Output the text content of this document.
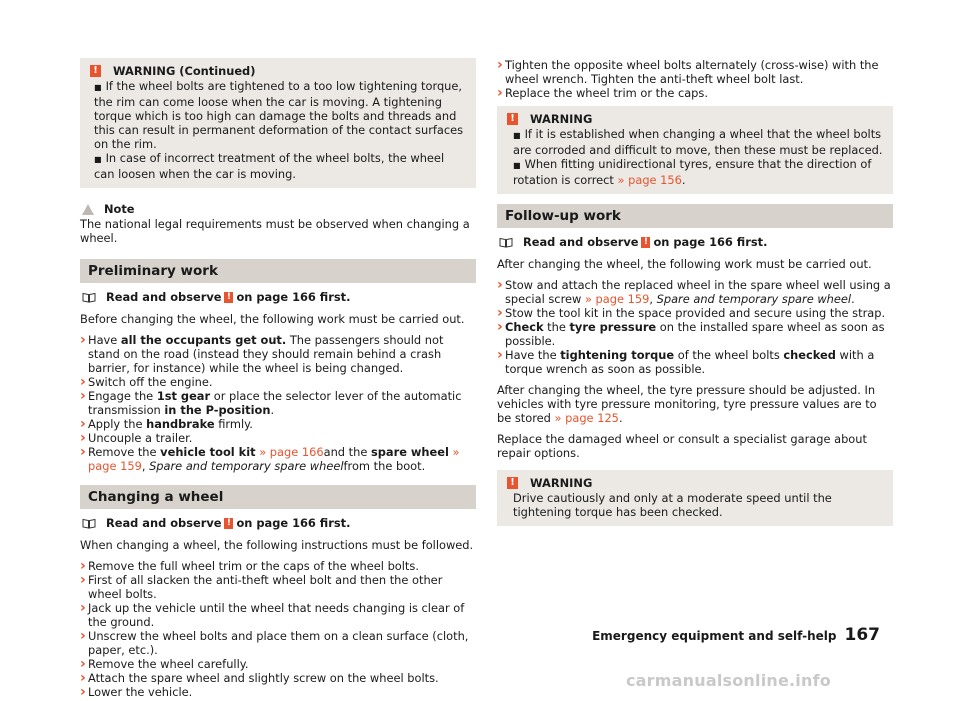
! WARNING (Continued)

■ If the wheel bolts are tightened to a too low tightening torque, the rim can come loose when the car is moving. A tightening torque which is too high can damage the bolts and threads and this can result in permanent deformation of the contact surfaces on the rim.

■ In case of incorrect treatment of the wheel bolts, the wheel can loosen when the car is moving.

Note

The national legal requirements must be observed when changing a wheel.

Preliminary work
Read and observe ! on page 166 first.

Before changing the wheel, the following work must be carried out.

› Have all the occupants get out. The passengers should not stand on the road (instead they should remain behind a crash barrier, for instance) while the wheel is being changed.

› Switch off the engine.

› Engage the 1st gear or place the selector lever of the automatic transmission in the P-position.

› Apply the handbrake firmly.

› Uncouple a trailer.

› Remove the vehicle tool kit » page 166and the spare wheel » page 159, Spare and temporary spare wheelfrom the boot.

Changing a wheel
Read and observe ! on page 166 first.

When changing a wheel, the following instructions must be followed.

› Remove the full wheel trim or the caps of the wheel bolts.

› First of all slacken the anti-theft wheel bolt and then the other wheel bolts.

› Jack up the vehicle until the wheel that needs changing is clear of the ground.

› Unscrew the wheel bolts and place them on a clean surface (cloth, paper, etc.).

› Remove the wheel carefully.

› Attach the spare wheel and slightly screw on the wheel bolts.

› Lower the vehicle.

› Tighten the opposite wheel bolts alternately (cross-wise) with the wheel wrench. Tighten the anti-theft wheel bolt last.

› Replace the wheel trim or the caps.

! WARNING

■ If it is established when changing a wheel that the wheel bolts are corroded and difficult to move, then these must be replaced.

■ When fitting unidirectional tyres, ensure that the direction of rotation is correct » page 156.

Follow-up work
Read and observe ! on page 166 first.

After changing the wheel, the following work must be carried out.

› Stow and attach the replaced wheel in the spare wheel well using a special screw » page 159, Spare and temporary spare wheel.

› Stow the tool kit in the space provided and secure using the strap.

› Check the tyre pressure on the installed spare wheel as soon as possible.

› Have the tightening torque of the wheel bolts checked with a torque wrench as soon as possible.

After changing the wheel, the tyre pressure should be adjusted. In vehicles with tyre pressure monitoring, tyre pressure values are to be stored » page 125.

Replace the damaged wheel or consult a specialist garage about repair options.

! WARNING

Drive cautiously and only at a moderate speed until the tightening torque has been checked.

Emergency equipment and self-help 167
carmanualsonline.info
